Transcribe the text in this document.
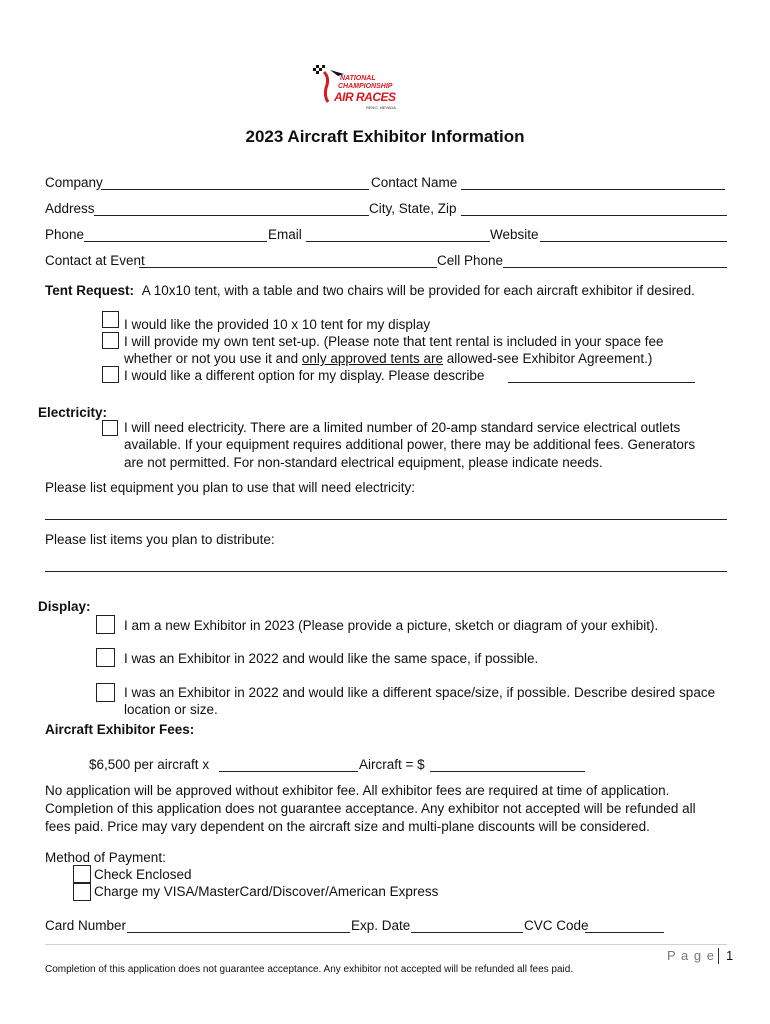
NATIONAL
CHAMPIONSHIP
AIR RACES
RENO, NEVADA
2023 Aircraft Exhibitor Information
Company	Contact Name
Address	City, State, Zip
Phone	Email	Website
Contact at Event	Cell Phone
Tent Request: A 10x10 tent, with a table and two chairs will be provided for each aircraft exhibitor if desired.
I would like the provided 10 x 10 tent for my display
I will provide my own tent set-up. (Please note that tent rental is included in your space fee
whether or not you use it and only approved tents are allowed-see Exhibitor Agreement.)
I would like a different option for my display. Please describe
Electricity:
I will need electricity. There are a limited number of 20-amp standard service electrical outlets
available. If your equipment requires additional power, there may be additional fees. Generators
are not permitted. For non-standard electrical equipment, please indicate needs.
Please list equipment you plan to use that will need electricity:
Please list items you plan to distribute:
Display:
I am a new Exhibitor in 2023 (Please provide a picture, sketch or diagram of your exhibit).
I was an Exhibitor in 2022 and would like the same space, if possible.
I was an Exhibitor in 2022 and would like a different space/size, if possible. Describe desired space
location or size.
Aircraft Exhibitor Fees:
$6,500 per aircraft x	Aircraft = $
No application will be approved without exhibitor fee. All exhibitor fees are required at time of application.
Completion of this application does not guarantee acceptance. Any exhibitor not accepted will be refunded all
fees paid. Price may vary dependent on the aircraft size and multi-plane discounts will be considered.
Method of Payment:
Check Enclosed
Charge my VISA/MasterCard/Discover/American Express
Card Number	Exp. Date	CVC Code
P a g e 1
Completion of this application does not guarantee acceptance. Any exhibitor not accepted will be refunded all fees paid.
